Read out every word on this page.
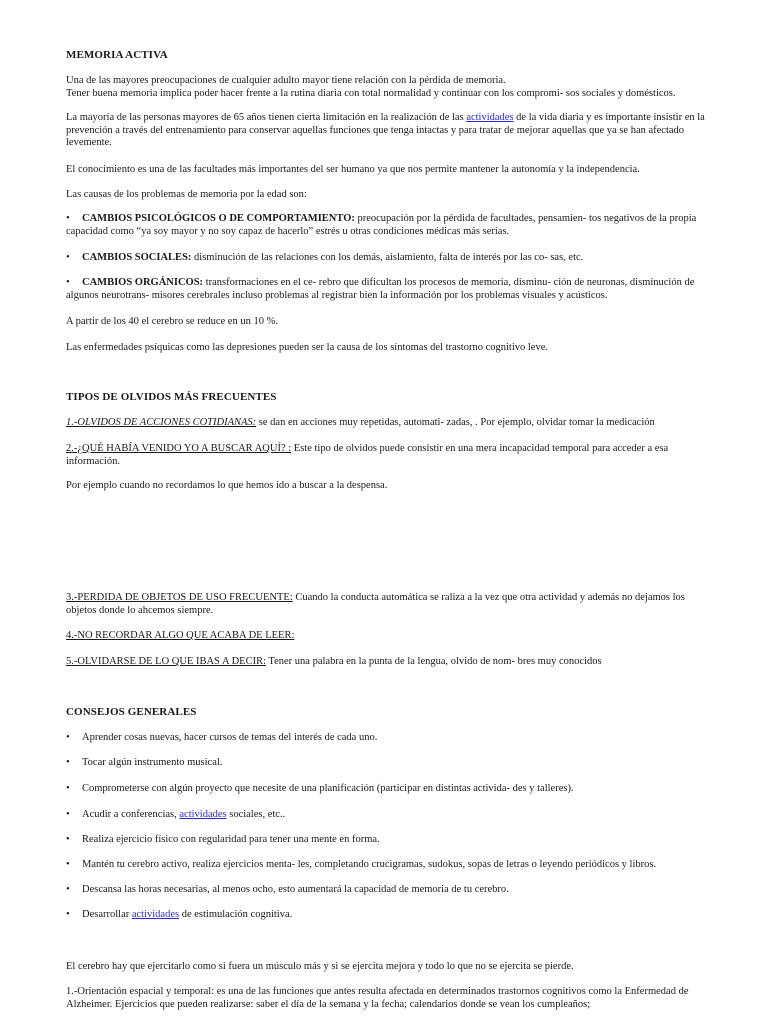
MEMORIA ACTIVA

Una de las mayores preocupaciones de cualquier adulto mayor tiene relación con la pérdida de memoria.
Tener buena memoria implica poder hacer frente a la rutina diaria con total normalidad y continuar con los compromi- sos sociales y domésticos.

La mayoría de las personas mayores de 65 años tienen cierta limitación en la realización de las actividades de la vida diaria y es importante insistir en la prevención a través del entrenamiento para conservar aquellas funciones que tenga intactas y para tratar de mejorar aquellas que ya se han afectado levemente.

El conocimiento es una de las facultades más importantes del ser humano ya que nos permite mantener la autonomía y la independencia.

Las causas de los problemas de memoria por la edad son:

• CAMBIOS PSICOLÓGICOS O DE COMPORTAMIENTO: preocupación por la pérdida de facultades, pensamien- tos negativos de la propia capacidad como “ya soy mayor y no soy capaz de hacerlo” estrés u otras condiciones médicas más serias.

• CAMBIOS SOCIALES: disminución de las relaciones con los demás, aislamiento, falta de interés por las co- sas, etc.

• CAMBIOS ORGÁNICOS: transformaciones en el ce- rebro que dificultan los procesos de memoria, disminu- ción de neuronas, disminución de algunos neurotrans- misores cerebrales incluso problemas al registrar bien la información por los problemas visuales y acústicos.

A partir de los 40 el cerebro se reduce en un 10 %.

Las enfermedades psíquicas como las depresiones pueden ser la causa de los síntomas del trastorno cognitivo leve.

TIPOS DE OLVIDOS MÁS FRECUENTES

1.-OLVIDOS DE ACCIONES COTIDIANAS: se dan en acciones muy repetidas, automati- zadas, . Por ejemplo, olvidar tomar la medicación

2.-¿QUÉ HABÍA VENIDO YO A BUSCAR AQUÍ? : Este tipo de olvidos puede consistir en una mera incapacidad temporal para acceder a esa información.

Por ejemplo cuando no recordamos lo que hemos ido a buscar a la despensa.

3.-PERDIDA DE OBJETOS DE USO FRECUENTE: Cuando la conducta automática se raliza a la vez que otra actividad y además no dejamos los objetos donde lo ahcemos siempre.

4.-NO RECORDAR ALGO QUE ACABA DE LEER:

5.-OLVIDARSE DE LO QUE IBAS A DECIR: Tener una palabra en la punta de la lengua, olvido de nom- bres muy conocidos

CONSEJOS GENERALES

• Aprender cosas nuevas, hacer cursos de temas del interés de cada uno.

• Tocar algún instrumento musical.

• Comprometerse con algún proyecto que necesite de una planificación (participar en distintas activida- des y talleres).

• Acudir a conferencias, actividades sociales, etc..

• Realiza ejercicio físico con regularidad para tener una mente en forma.

• Mantén tu cerebro activo, realiza ejercicios menta- les, completando crucigramas, sudokus, sopas de letras o leyendo periódicos y libros.

• Descansa las horas necesarias, al menos ocho, esto aumentará la capacidad de memoria de tu cerebro.

• Desarrollar actividades de estimulación cognitiva.

El cerebro hay que ejercitarlo como si fuera un músculo más y si se ejercita mejora y todo lo que no se ejercita se pierde.

1.-Orientación espacial y temporal: es una de las funciones que antes resulta afectada en determinados trastornos cognitivos como la Enfermedad de Alzheimer. Ejercicios que pueden realizarse: saber el día de la semana y la fecha; calendarios donde se vean los cumpleaños;
